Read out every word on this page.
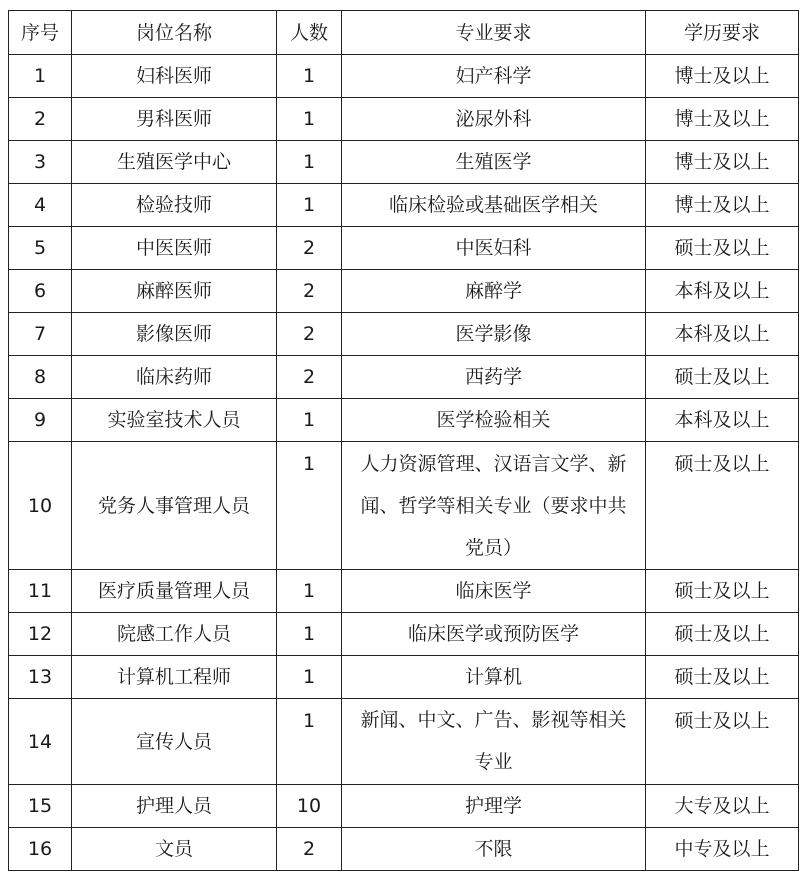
序号	岗位名称	人数	专业要求	学历要求
1	妇科医师	1	妇产科学	博士及以上
2	男科医师	1	泌尿外科	博士及以上
3	生殖医学中心	1	生殖医学	博士及以上
4	检验技师	1	临床检验或基础医学相关	博士及以上
5	中医医师	2	中医妇科	硕士及以上
6	麻醉医师	2	麻醉学	本科及以上
7	影像医师	2	医学影像	本科及以上
8	临床药师	2	西药学	硕士及以上
9	实验室技术人员	1	医学检验相关	本科及以上
10	党务人事管理人员	1	人力资源管理、汉语言文学、新闻、哲学等相关专业（要求中共党员）	硕士及以上
11	医疗质量管理人员	1	临床医学	硕士及以上
12	院感工作人员	1	临床医学或预防医学	硕士及以上
13	计算机工程师	1	计算机	硕士及以上
14	宣传人员	1	新闻、中文、广告、影视等相关专业	硕士及以上
15	护理人员	10	护理学	大专及以上
16	文员	2	不限	中专及以上
